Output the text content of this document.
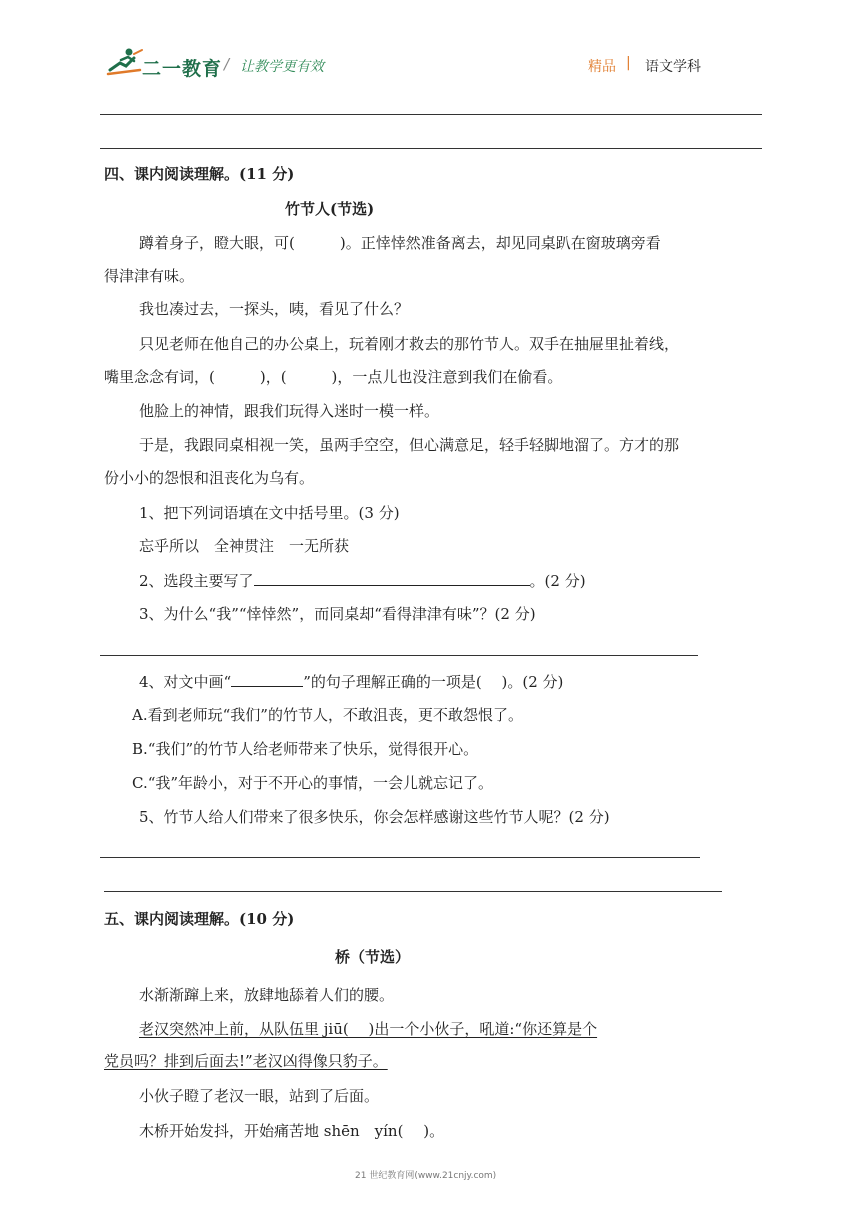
二一教育 / 让教学更有效	精品 | 语文学科
四、课内阅读理解。(11 分)
竹节人(节选)
蹲着身子，瞪大眼，可(　　　)。正悻悻然准备离去，却见同桌趴在窗玻璃旁看
得津津有味。
我也凑过去，一探头，咦，看见了什么？
只见老师在他自己的办公桌上，玩着刚才救去的那竹节人。双手在抽屉里扯着线，
嘴里念念有词，(　　　)，(　　　)，一点儿也没注意到我们在偷看。
他脸上的神情，跟我们玩得入迷时一模一样。
于是，我跟同桌相视一笑，虽两手空空，但心满意足，轻手轻脚地溜了。方才的那
份小小的怨恨和沮丧化为乌有。
1、把下列词语填在文中括号里。(3 分)
忘乎所以　全神贯注　一无所获
2、选段主要写了	。(2 分)
3、为什么“我”“悻悻然”，而同桌却“看得津津有味”？(2 分)
4、对文中画“	”的句子理解正确的一项是(　 )。(2 分)
A.看到老师玩“我们”的竹节人，不敢沮丧，更不敢怨恨了。
B.“我们”的竹节人给老师带来了快乐，觉得很开心。
C.“我”年龄小，对于不开心的事情，一会儿就忘记了。
5、竹节人给人们带来了很多快乐，你会怎样感谢这些竹节人呢？(2 分)
五、课内阅读理解。(10 分)
桥（节选）
水渐渐蹿上来，放肆地舔着人们的腰。
老汉突然冲上前，从队伍里 jiū(　 )出一个小伙子，吼道:“你还算是个
党员吗？排到后面去!”老汉凶得像只豹子。
小伙子瞪了老汉一眼，站到了后面。
木桥开始发抖，开始痛苦地 shēn　yín(　 )。
21 世纪教育网(www.21cnjy.com)
